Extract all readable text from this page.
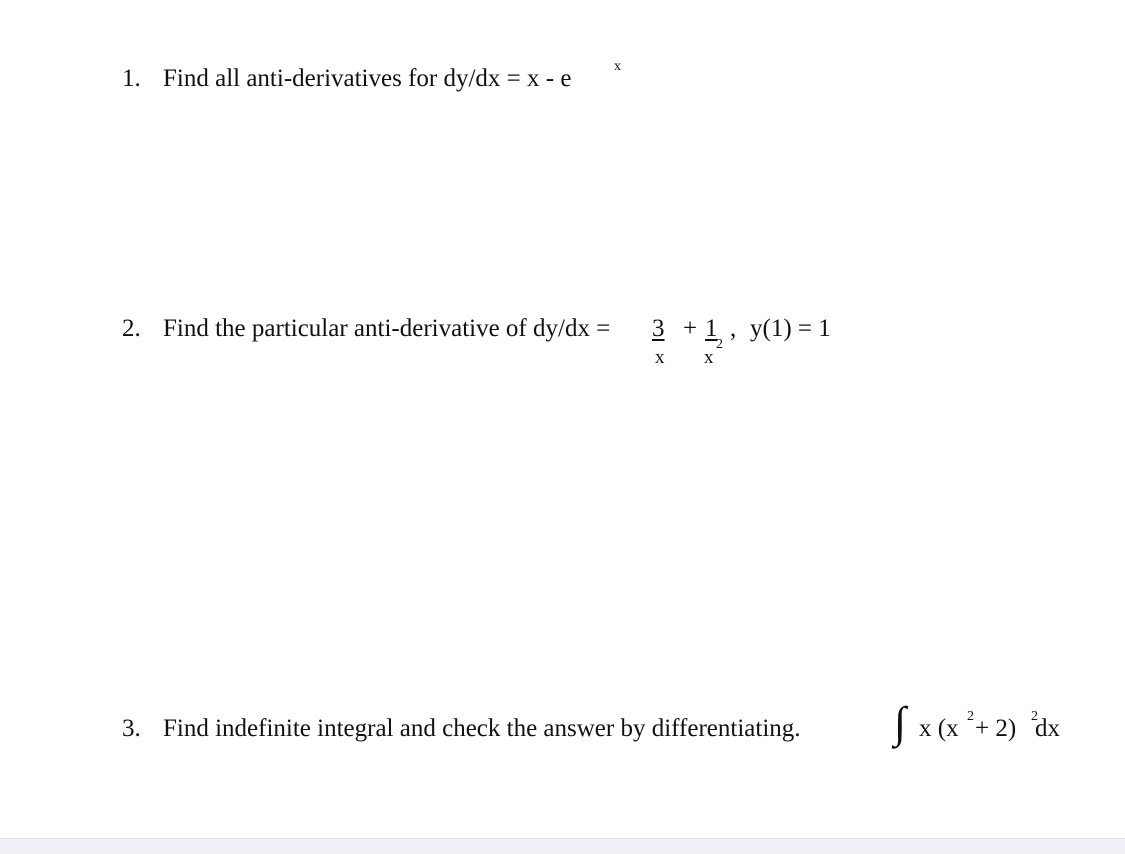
1. Find all anti-derivatives for dy/dx = x - e	x
2. Find the particular anti-derivative of dy/dx = 3
x
+ 1
x
2
, y(1) = 1
3. Find indefinite integral and check the answer by differentiating. ∫ x (x 2 + 2) 2
dx
